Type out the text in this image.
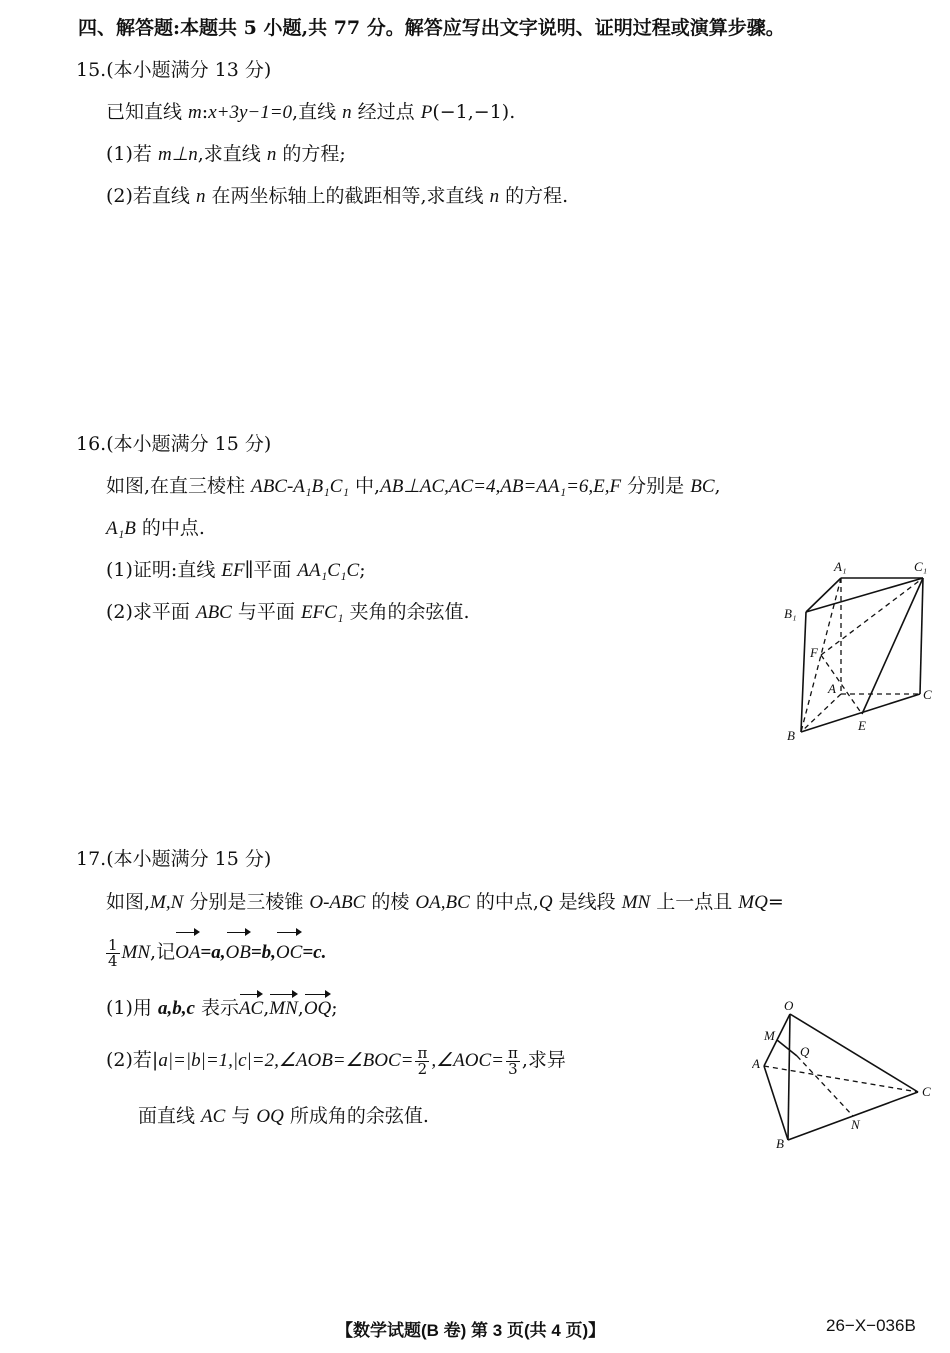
四、解答题:本题共 5 小题,共 77 分。解答应写出文字说明、证明过程或演算步骤。
15.(本小题满分 13 分)
已知直线 m:x+3y−1=0,直线 n 经过点 P(−1,−1).
(1)若 m⊥n,求直线 n 的方程;
(2)若直线 n 在两坐标轴上的截距相等,求直线 n 的方程.
16.(本小题满分 15 分)
如图,在直三棱柱 ABC-A₁B₁C₁ 中,AB⊥AC,AC=4,AB=AA₁=6,E,F 分别是 BC,
A₁B 的中点.
(1)证明:直线 EF∥平面 AA₁C₁C;
(2)求平面 ABC 与平面 EFC₁ 夹角的余弦值.
A₁	C₁
B₁
F
A	C
B
E
17.(本小题满分 15 分)
如图,M,N 分别是三棱锥 O-ABC 的棱 OA,BC 的中点,Q 是线段 MN 上一点且 MQ=
$\frac{1}{4}$ MN,记OA=a,OB=b,OC=c.
(1)用 a,b,c 表示AC,MN,OQ;
(2)若|a|=|b|=1,|c|=2,∠AOB=∠BOC= $\frac{\pi}{2}$ ,∠AOC= $\frac{\pi}{3}$ ,求异
面直线 AC 与 OQ 所成角的余弦值.
O
M
Q
A
C
N
B
【数学试题(B 卷) 第 3 页(共 4 页)】	26−X−036B
